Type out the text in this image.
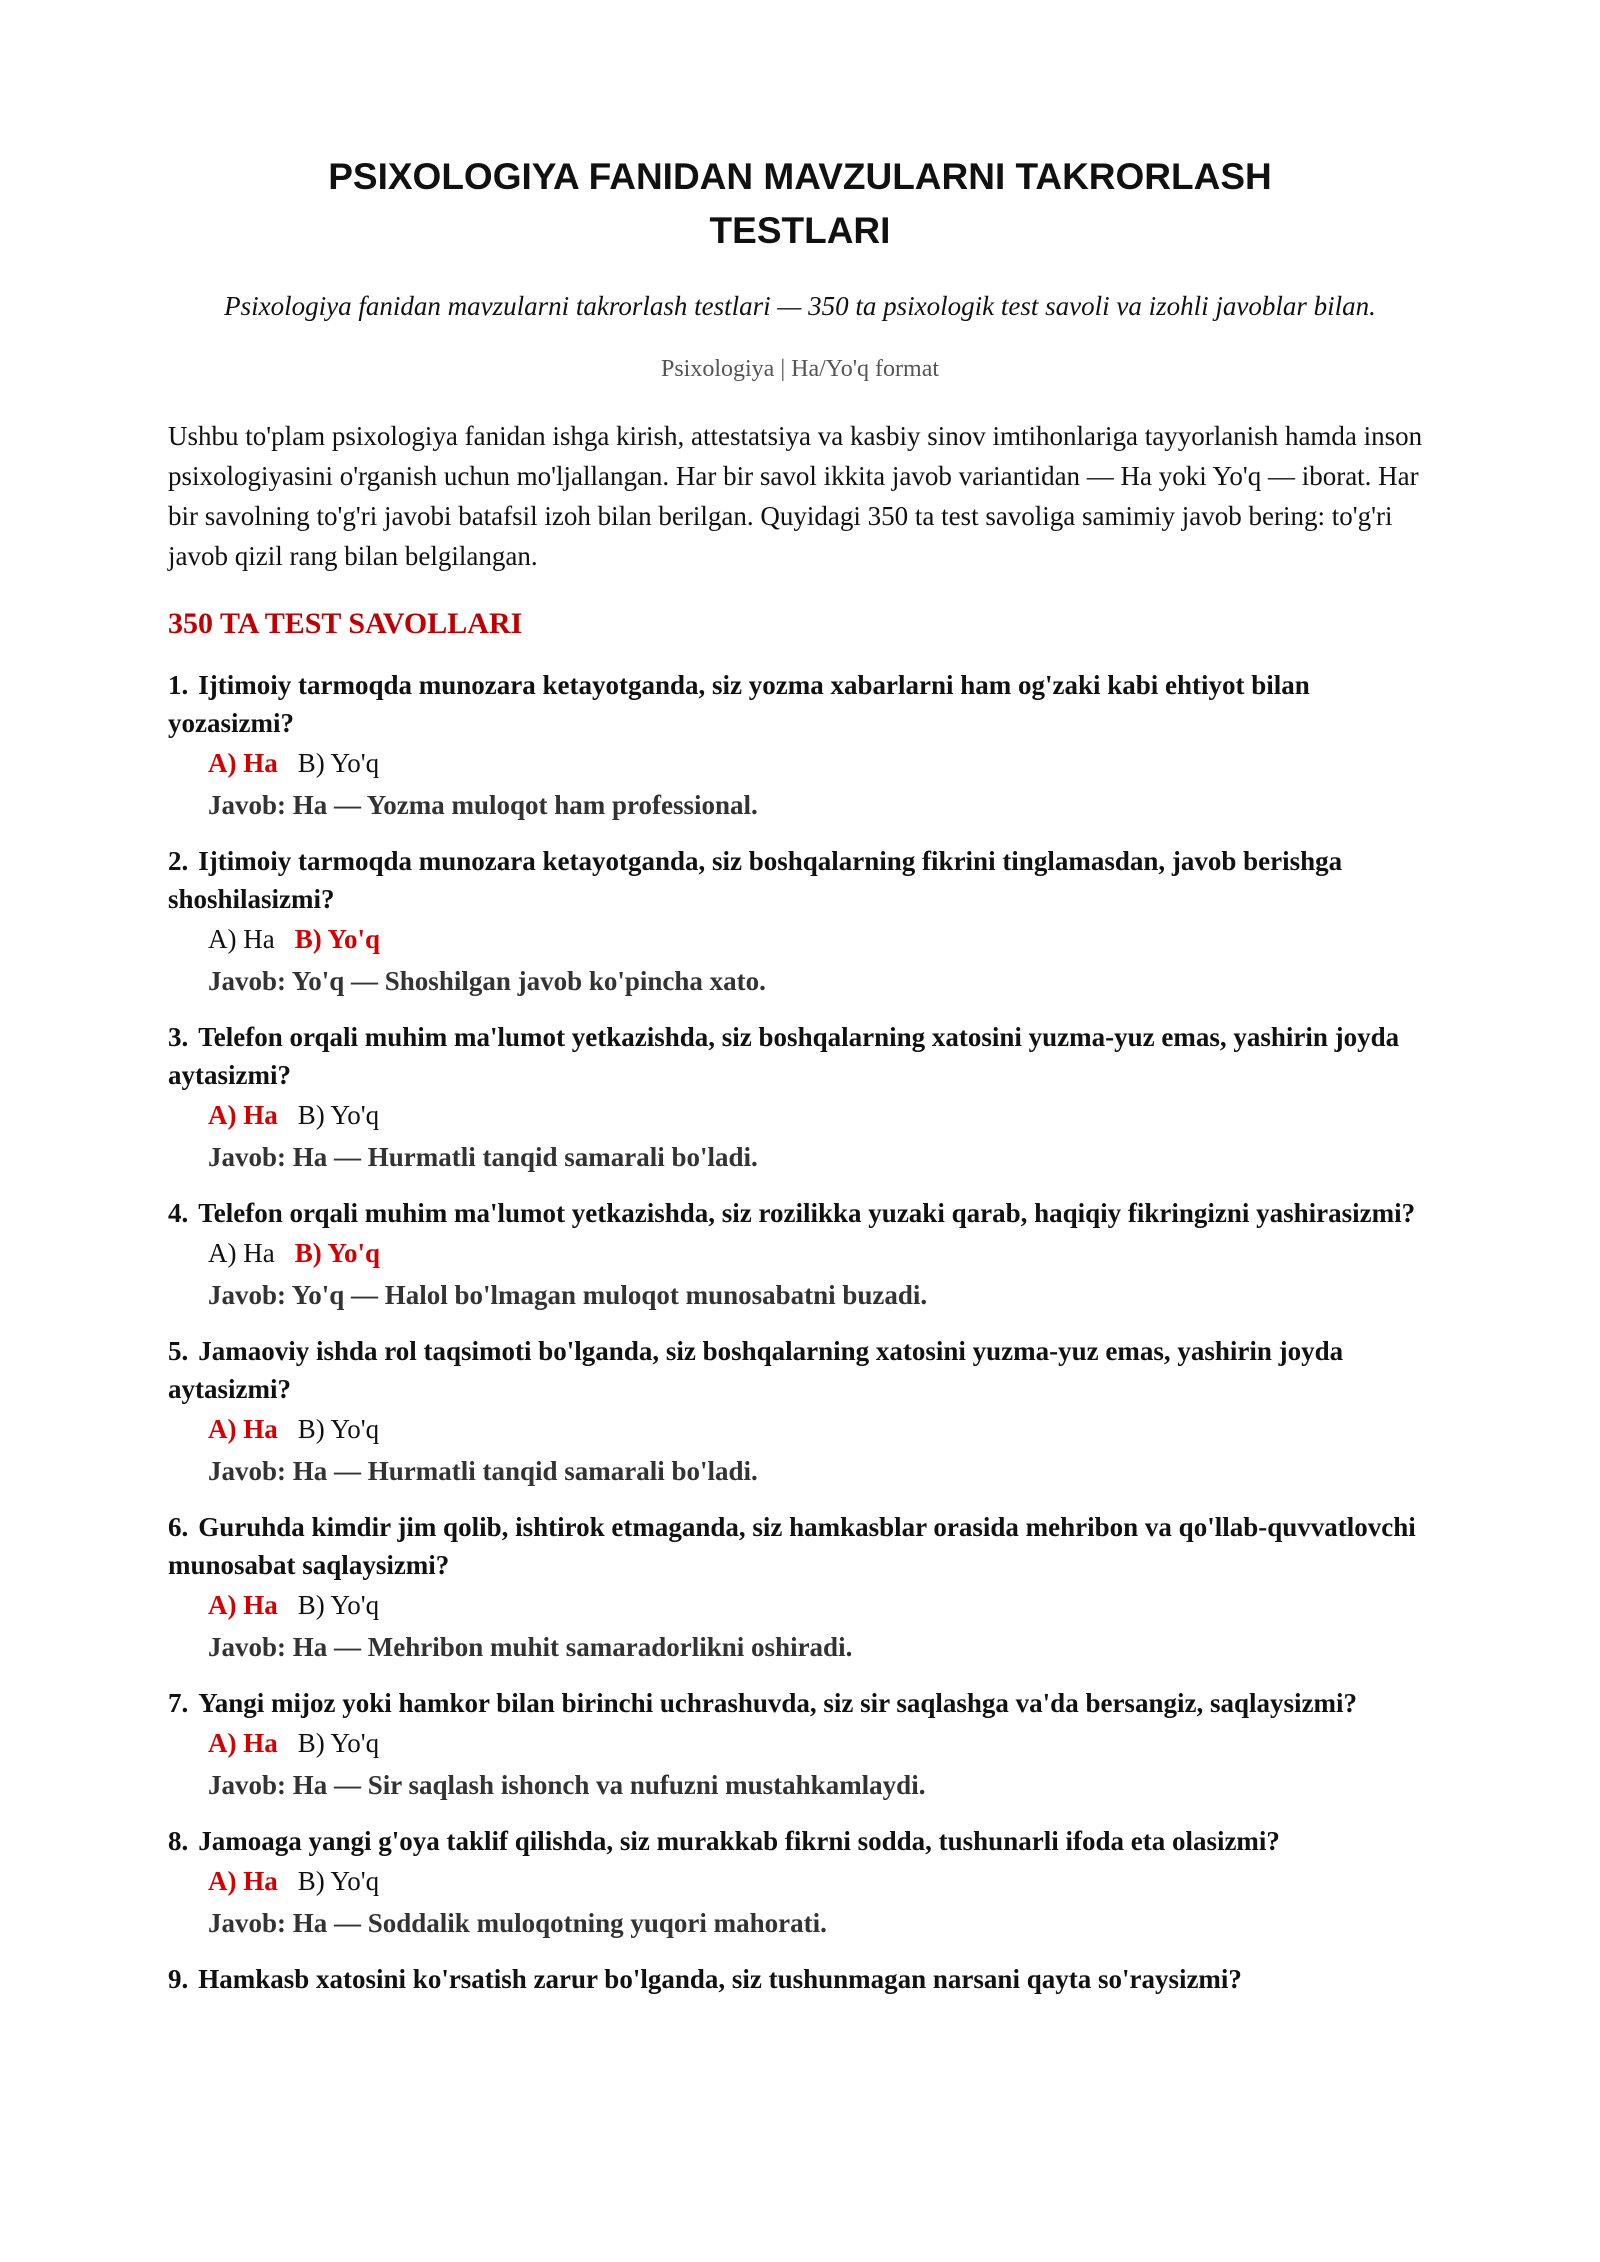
PSIXOLOGIYA FANIDAN MAVZULARNI TAKRORLASH TESTLARI
Psixologiya fanidan mavzularni takrorlash testlari — 350 ta psixologik test savoli va izohli javoblar bilan.
Psixologiya | Ha/Yo'q format
Ushbu to'plam psixologiya fanidan ishga kirish, attestatsiya va kasbiy sinov imtihonlariga tayyorlanish hamda inson psixologiyasini o'rganish uchun mo'ljallangan. Har bir savol ikkita javob variantidan — Ha yoki Yo'q — iborat. Har bir savolning to'g'ri javobi batafsil izoh bilan berilgan. Quyidagi 350 ta test savoliga samimiy javob bering: to'g'ri javob qizil rang bilan belgilangan.
350 TA TEST SAVOLLARI
1. Ijtimoiy tarmoqda munozara ketayotganda, siz yozma xabarlarni ham og'zaki kabi ehtiyot bilan yozasizmi?
A) Ha B) Yo'q
Javob: Ha — Yozma muloqot ham professional.
2. Ijtimoiy tarmoqda munozara ketayotganda, siz boshqalarning fikrini tinglamasdan, javob berishga shoshilasizmi?
A) Ha B) Yo'q
Javob: Yo'q — Shoshilgan javob ko'pincha xato.
3. Telefon orqali muhim ma'lumot yetkazishda, siz boshqalarning xatosini yuzma-yuz emas, yashirin joyda aytasizmi?
A) Ha B) Yo'q
Javob: Ha — Hurmatli tanqid samarali bo'ladi.
4. Telefon orqali muhim ma'lumot yetkazishda, siz rozilikka yuzaki qarab, haqiqiy fikringizni yashirasizmi?
A) Ha B) Yo'q
Javob: Yo'q — Halol bo'lmagan muloqot munosabatni buzadi.
5. Jamaoviy ishda rol taqsimoti bo'lganda, siz boshqalarning xatosini yuzma-yuz emas, yashirin joyda aytasizmi?
A) Ha B) Yo'q
Javob: Ha — Hurmatli tanqid samarali bo'ladi.
6. Guruhda kimdir jim qolib, ishtirok etmaganda, siz hamkasblar orasida mehribon va qo'llab-quvvatlovchi munosabat saqlaysizmi?
A) Ha B) Yo'q
Javob: Ha — Mehribon muhit samaradorlikni oshiradi.
7. Yangi mijoz yoki hamkor bilan birinchi uchrashuvda, siz sir saqlashga va'da bersangiz, saqlaysizmi?
A) Ha B) Yo'q
Javob: Ha — Sir saqlash ishonch va nufuzni mustahkamlaydi.
8. Jamoaga yangi g'oya taklif qilishda, siz murakkab fikrni sodda, tushunarli ifoda eta olasizmi?
A) Ha B) Yo'q
Javob: Ha — Soddalik muloqotning yuqori mahorati.
9. Hamkasb xatosini ko'rsatish zarur bo'lganda, siz tushunmagan narsani qayta so'raysizmi?
